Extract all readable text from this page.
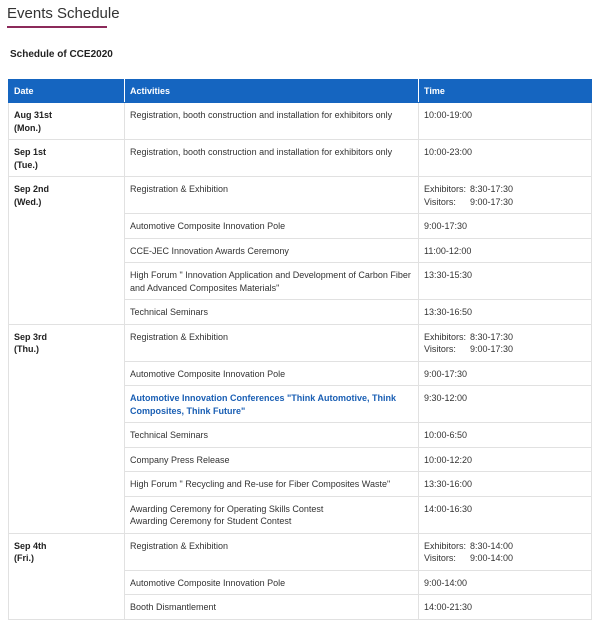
Events Schedule
Schedule of CCE2020
Date	Activities	Time

Aug 31st
(Mon.)	Registration, booth construction and installation for exhibitors only	10:00-19:00

Sep 1st
(Tue.)	Registration, booth construction and installation for exhibitors only	10:00-23:00

Sep 2nd
(Wed.)	Registration & Exhibition	Exhibitors: 8:30-17:30
Visitors: 9:00-17:30

	Automotive Composite Innovation Pole	9:00-17:30

	CCE-JEC Innovation Awards Ceremony	11:00-12:00

	High Forum " Innovation Application and Development of Carbon Fiber and Advanced Composites Materials"	13:30-15:30

	Technical Seminars	13:30-16:50

Sep 3rd
(Thu.)	Registration & Exhibition	Exhibitors: 8:30-17:30
Visitors: 9:00-17:30

	Automotive Composite Innovation Pole	9:00-17:30

	Automotive Innovation Conferences "Think Automotive, Think Composites, Think Future"	9:30-12:00

	Technical Seminars	10:00-6:50

	Company Press Release	10:00-12:20

	High Forum " Recycling and Re-use for Fiber Composites Waste"	13:30-16:00

	Awarding Ceremony for Operating Skills Contest
Awarding Ceremony for Student Contest	14:00-16:30

Sep 4th
(Fri.)	Registration & Exhibition	Exhibitors: 8:30-14:00
Visitors: 9:00-14:00

	Automotive Composite Innovation Pole	9:00-14:00

	Booth Dismantlement	14:00-21:30
